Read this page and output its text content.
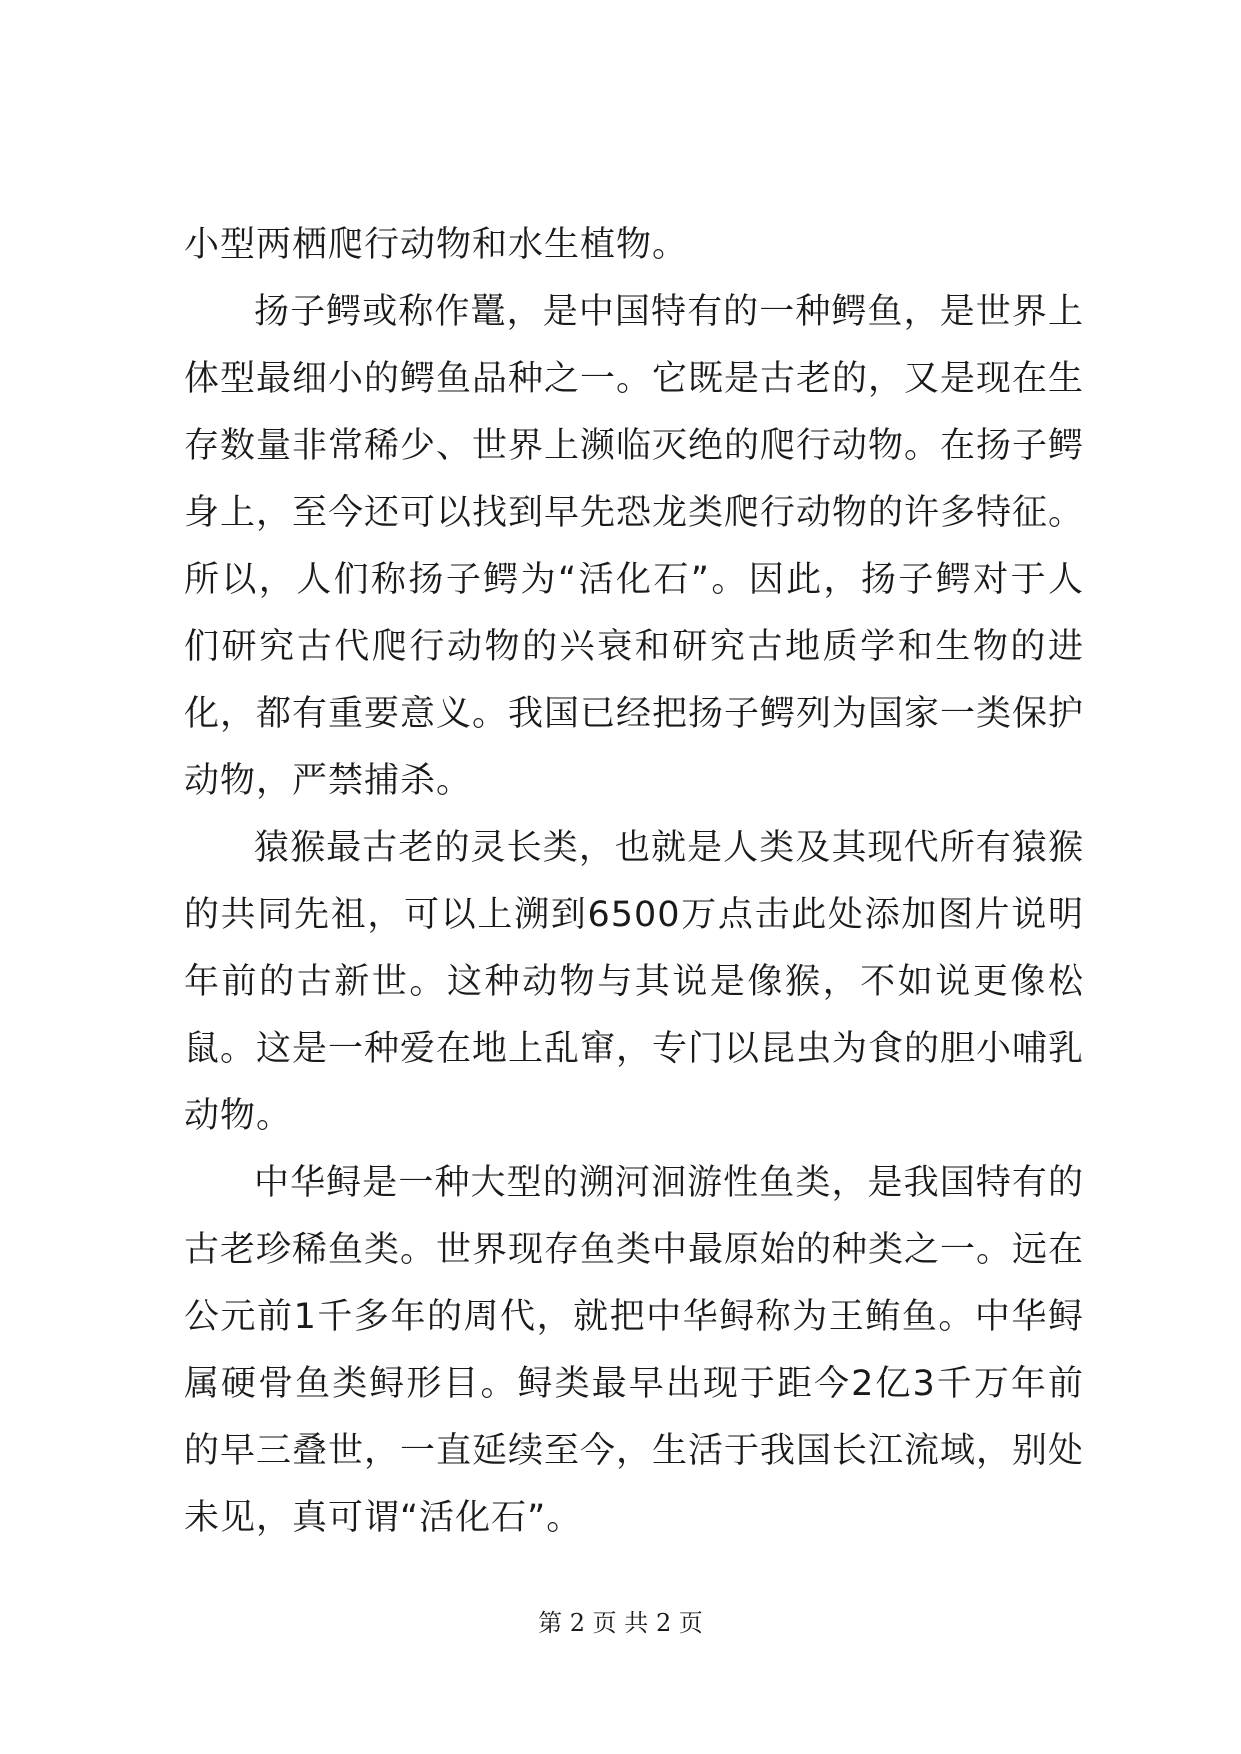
小型两栖爬行动物和水生植物。

扬子鳄或称作鼍，是中国特有的一种鳄鱼，是世界上体型最细小的鳄鱼品种之一。它既是古老的，又是现在生存数量非常稀少、世界上濒临灭绝的爬行动物。在扬子鳄身上，至今还可以找到早先恐龙类爬行动物的许多特征。所以，人们称扬子鳄为“活化石”。因此，扬子鳄对于人们研究古代爬行动物的兴衰和研究古地质学和生物的进化，都有重要意义。我国已经把扬子鳄列为国家一类保护动物，严禁捕杀。

猿猴最古老的灵长类，也就是人类及其现代所有猿猴的共同先祖，可以上溯到6500万点击此处添加图片说明年前的古新世。这种动物与其说是像猴，不如说更像松鼠。这是一种爱在地上乱窜，专门以昆虫为食的胆小哺乳动物。

中华鲟是一种大型的溯河洄游性鱼类，是我国特有的古老珍稀鱼类。世界现存鱼类中最原始的种类之一。远在公元前1千多年的周代，就把中华鲟称为王鲔鱼。中华鲟属硬骨鱼类鲟形目。鲟类最早出现于距今2亿3千万年前的早三叠世，一直延续至今，生活于我国长江流域，别处未见，真可谓“活化石”。

第 2 页 共 2 页
